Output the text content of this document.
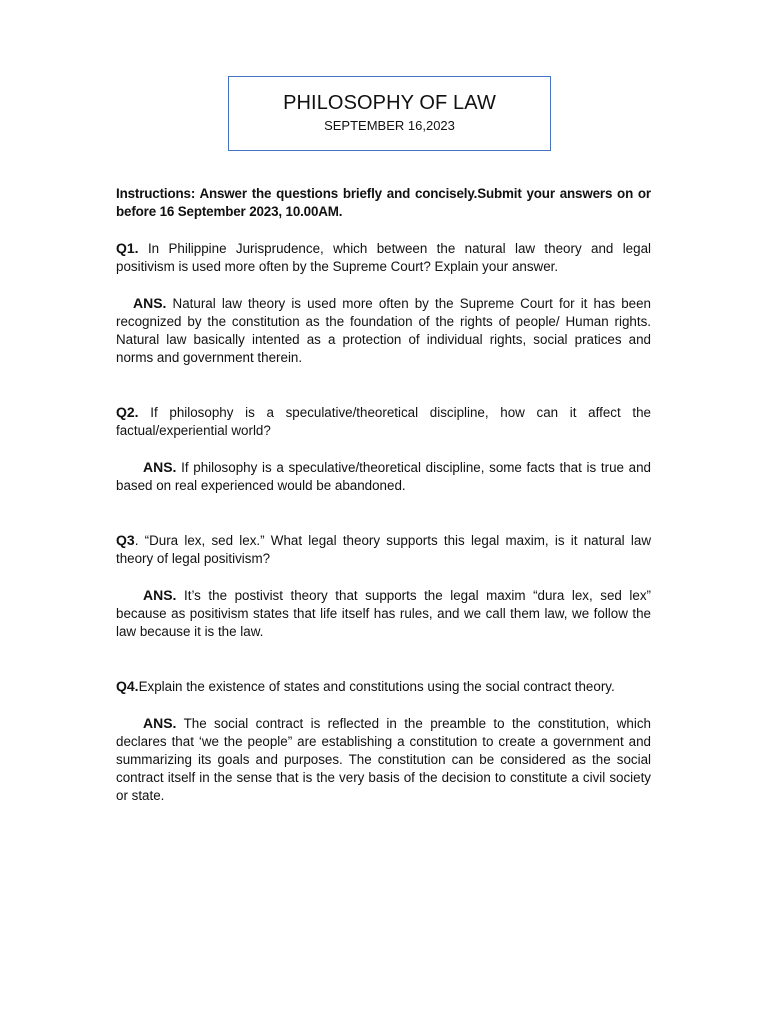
PHILOSOPHY OF LAW
SEPTEMBER 16,2023

Instructions: Answer the questions briefly and concisely.Submit your answers on or before 16 September 2023, 10.00AM.

Q1. In Philippine Jurisprudence, which between the natural law theory and legal positivism is used more often by the Supreme Court? Explain your answer.

ANS. Natural law theory is used more often by the Supreme Court for it has been recognized by the constitution as the foundation of the rights of people/ Human rights. Natural law basically intented as a protection of individual rights, social pratices and norms and government therein.

Q2. If philosophy is a speculative/theoretical discipline, how can it affect the factual/experiential world?

ANS. If philosophy is a speculative/theoretical discipline, some facts that is true and based on real experienced would be abandoned.

Q3. “Dura lex, sed lex.” What legal theory supports this legal maxim, is it natural law theory of legal positivism?

ANS. It’s the postivist theory that supports the legal maxim “dura lex, sed lex” because as positivism states that life itself has rules, and we call them law, we follow the law because it is the law.

Q4.Explain the existence of states and constitutions using the social contract theory.

ANS. The social contract is reflected in the preamble to the constitution, which declares that ‘we the people” are establishing a constitution to create a government and summarizing its goals and purposes. The constitution can be considered as the social contract itself in the sense that is the very basis of the decision to constitute a civil society or state.
